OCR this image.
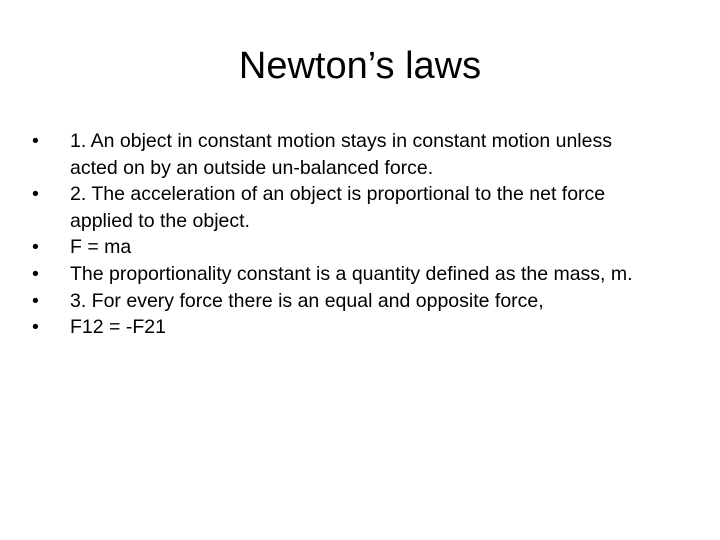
Newton’s laws
•	1. An object in constant motion stays in constant motion unless acted on by an outside un-balanced force.
•	2. The acceleration of an object is proportional to the net force applied to the object.
•	F = ma
•	The proportionality constant is a quantity defined as the mass, m.
•	3. For every force there is an equal and opposite force,
•	F12 = -F21
